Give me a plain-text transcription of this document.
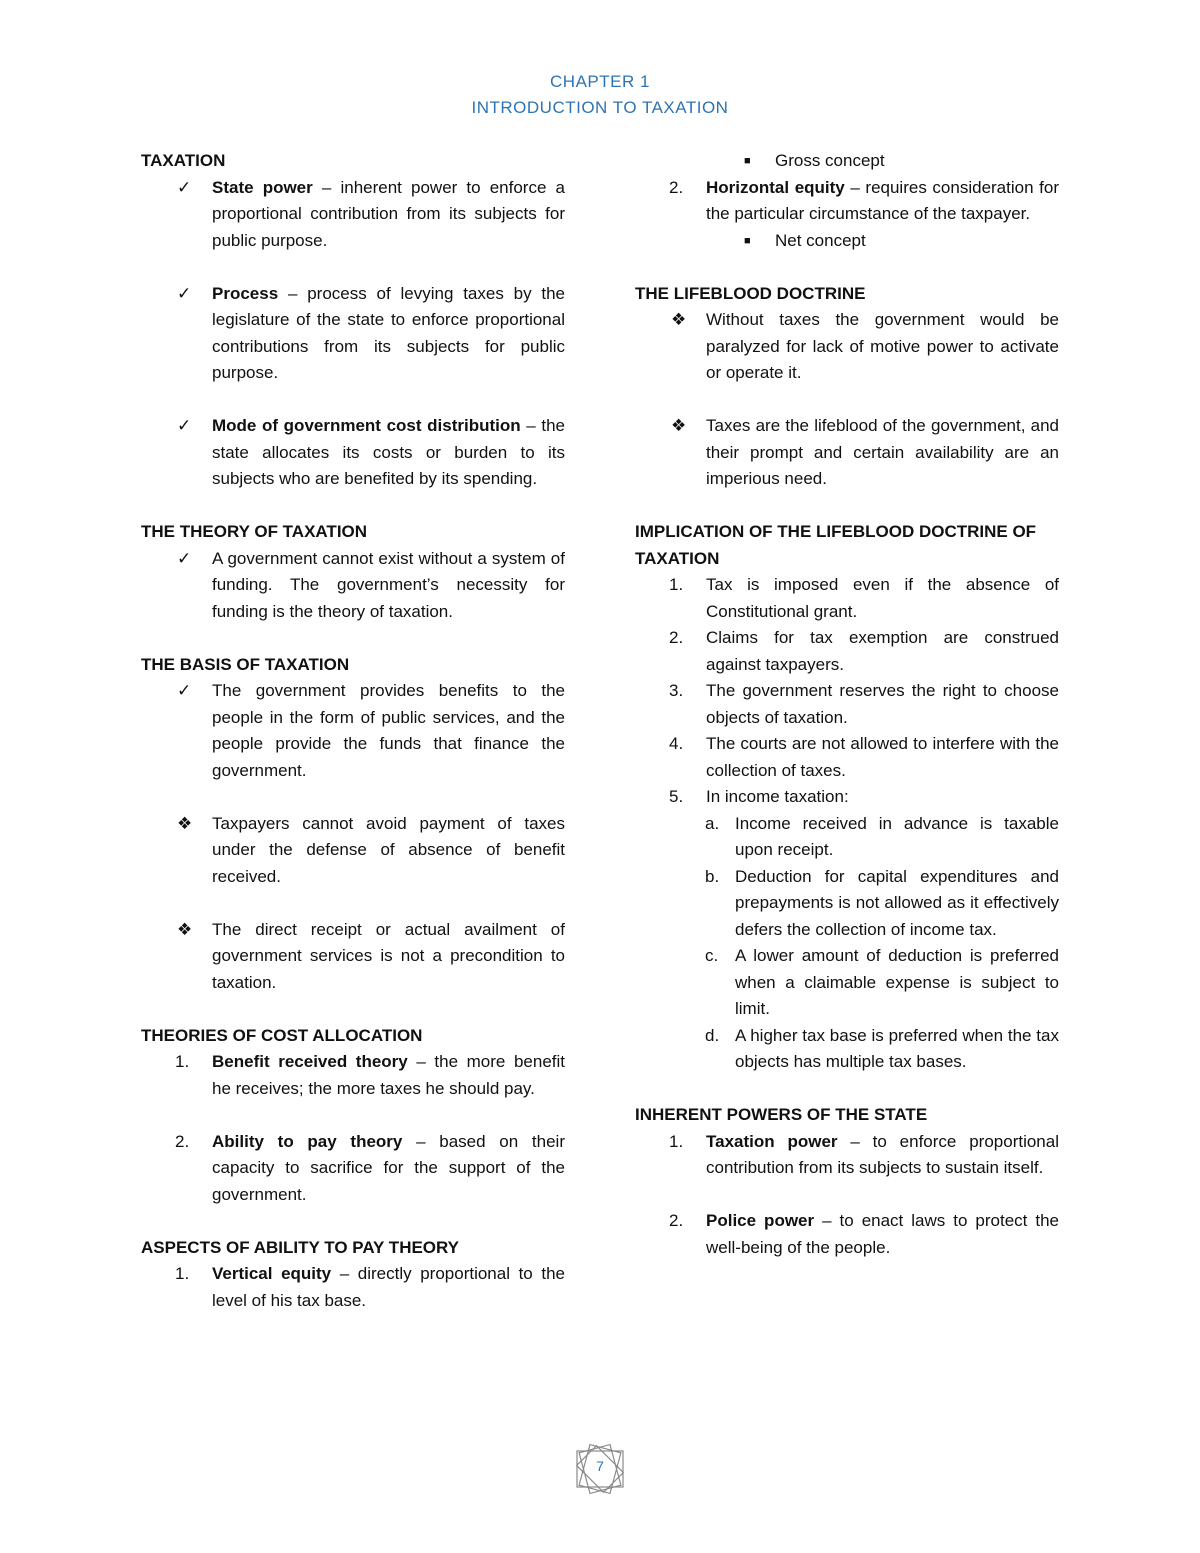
CHAPTER 1
INTRODUCTION TO TAXATION

TAXATION

✓	State power – inherent power to enforce a proportional contribution from its subjects for public purpose.
✓	Process – process of levying taxes by the legislature of the state to enforce proportional contributions from its subjects for public purpose.
✓	Mode of government cost distribution – the state allocates its costs or burden to its subjects who are benefited by its spending.

THE THEORY OF TAXATION

✓	A government cannot exist without a system of funding. The government’s necessity for funding is the theory of taxation.

THE BASIS OF TAXATION

✓	The government provides benefits to the people in the form of public services, and the people provide the funds that finance the government.
❖	Taxpayers cannot avoid payment of taxes under the defense of absence of benefit received.
❖	The direct receipt or actual availment of government services is not a precondition to taxation.

THEORIES OF COST ALLOCATION

1.	Benefit received theory – the more benefit he receives; the more taxes he should pay.
2.	Ability to pay theory – based on their capacity to sacrifice for the support of the government.

ASPECTS OF ABILITY TO PAY THEORY

1.	Vertical equity – directly proportional to the level of his tax base.
■	Gross concept
2.	Horizontal equity – requires consideration for the particular circumstance of the taxpayer.
■	Net concept

THE LIFEBLOOD DOCTRINE

❖	Without taxes the government would be paralyzed for lack of motive power to activate or operate it.
❖	Taxes are the lifeblood of the government, and their prompt and certain availability are an imperious need.

IMPLICATION OF THE LIFEBLOOD DOCTRINE OF TAXATION

1.	Tax is imposed even if the absence of Constitutional grant.
2.	Claims for tax exemption are construed against taxpayers.
3.	The government reserves the right to choose objects of taxation.
4.	The courts are not allowed to interfere with the collection of taxes.
5.	In income taxation:
a. Income received in advance is taxable upon receipt.
b. Deduction for capital expenditures and prepayments is not allowed as it effectively defers the collection of income tax.
c. A lower amount of deduction is preferred when a claimable expense is subject to limit.
d. A higher tax base is preferred when the tax objects has multiple tax bases.

INHERENT POWERS OF THE STATE

1.	Taxation power – to enforce proportional contribution from its subjects to sustain itself.
2.	Police power – to enact laws to protect the well-being of the people.
7
